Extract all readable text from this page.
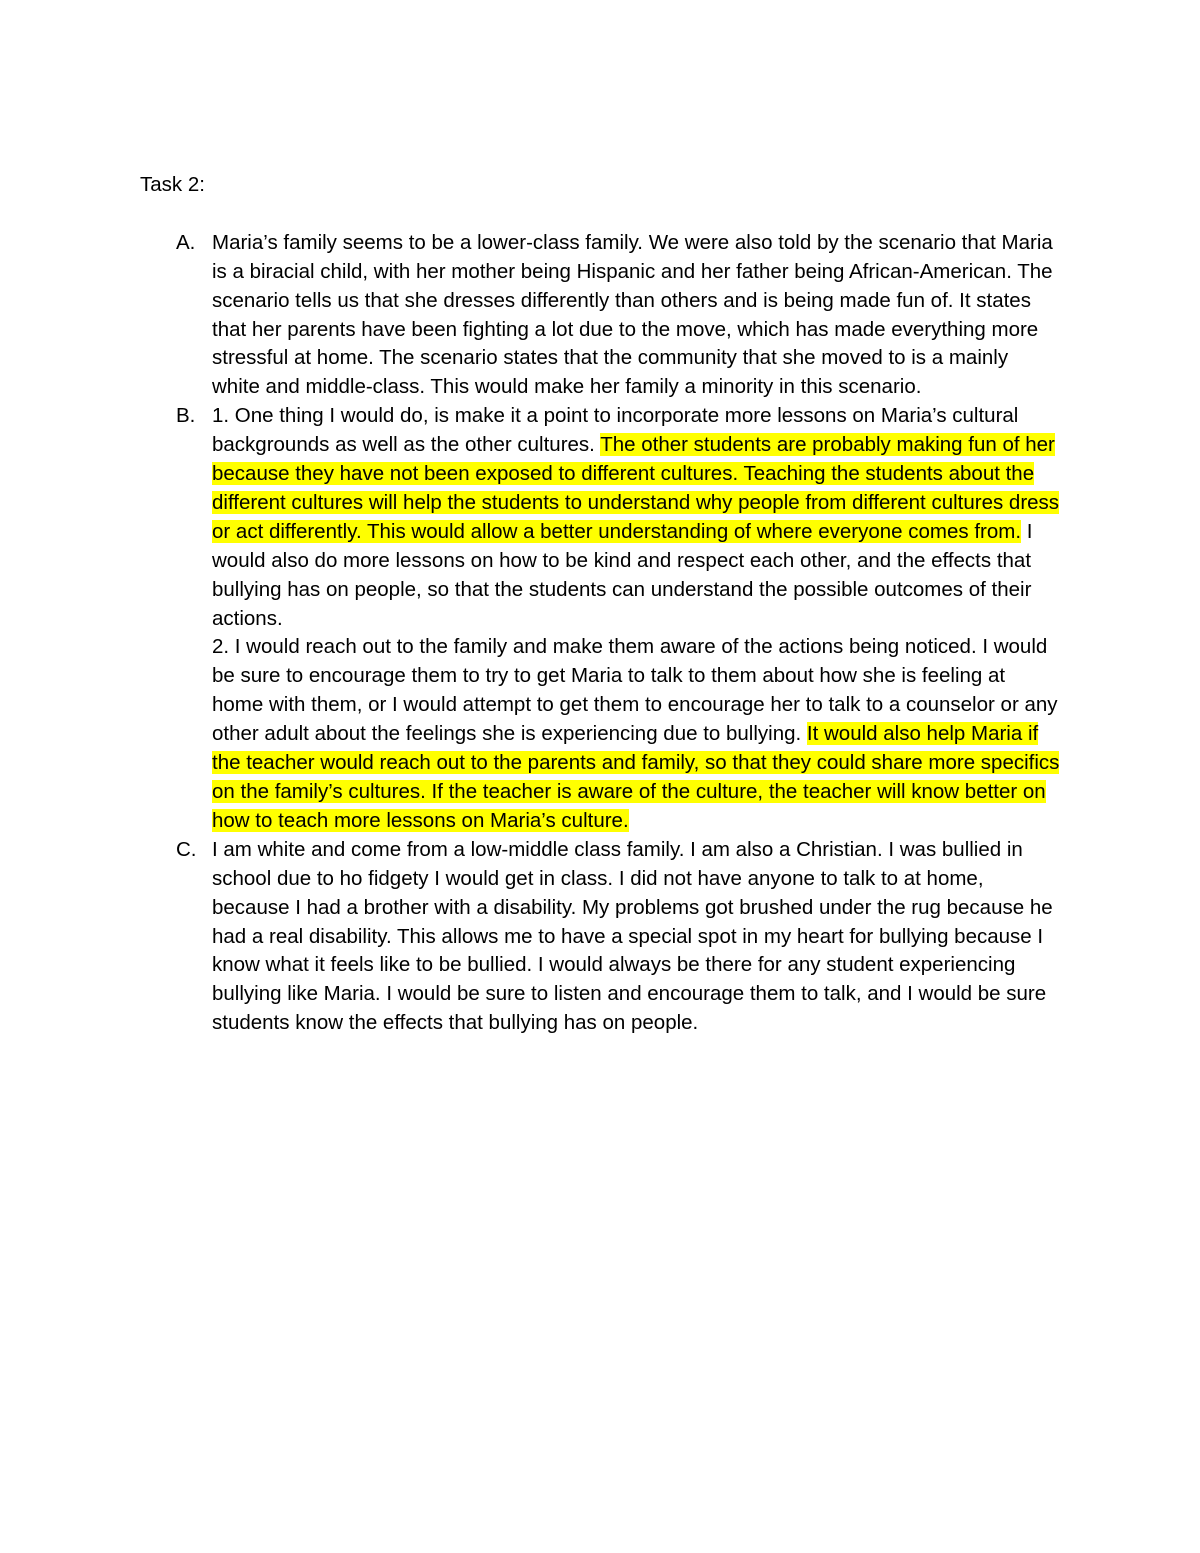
Task 2:
A. Maria’s family seems to be a lower-class family. We were also told by the scenario that Maria is a biracial child, with her mother being Hispanic and her father being African-American. The scenario tells us that she dresses differently than others and is being made fun of. It states that her parents have been fighting a lot due to the move, which has made everything more stressful at home. The scenario states that the community that she moved to is a mainly white and middle-class. This would make her family a minority in this scenario.

B. 1. One thing I would do, is make it a point to incorporate more lessons on Maria’s cultural backgrounds as well as the other cultures. The other students are probably making fun of her because they have not been exposed to different cultures. Teaching the students about the different cultures will help the students to understand why people from different cultures dress or act differently. This would allow a better understanding of where everyone comes from. I would also do more lessons on how to be kind and respect each other, and the effects that bullying has on people, so that the students can understand the possible outcomes of their actions.

2. I would reach out to the family and make them aware of the actions being noticed. I would be sure to encourage them to try to get Maria to talk to them about how she is feeling at home with them, or I would attempt to get them to encourage her to talk to a counselor or any other adult about the feelings she is experiencing due to bullying. It would also help Maria if the teacher would reach out to the parents and family, so that they could share more specifics on the family’s cultures. If the teacher is aware of the culture, the teacher will know better on how to teach more lessons on Maria’s culture.

C. I am white and come from a low-middle class family. I am also a Christian. I was bullied in school due to ho fidgety I would get in class. I did not have anyone to talk to at home, because I had a brother with a disability. My problems got brushed under the rug because he had a real disability. This allows me to have a special spot in my heart for bullying because I know what it feels like to be bullied. I would always be there for any student experiencing bullying like Maria. I would be sure to listen and encourage them to talk, and I would be sure students know the effects that bullying has on people.
